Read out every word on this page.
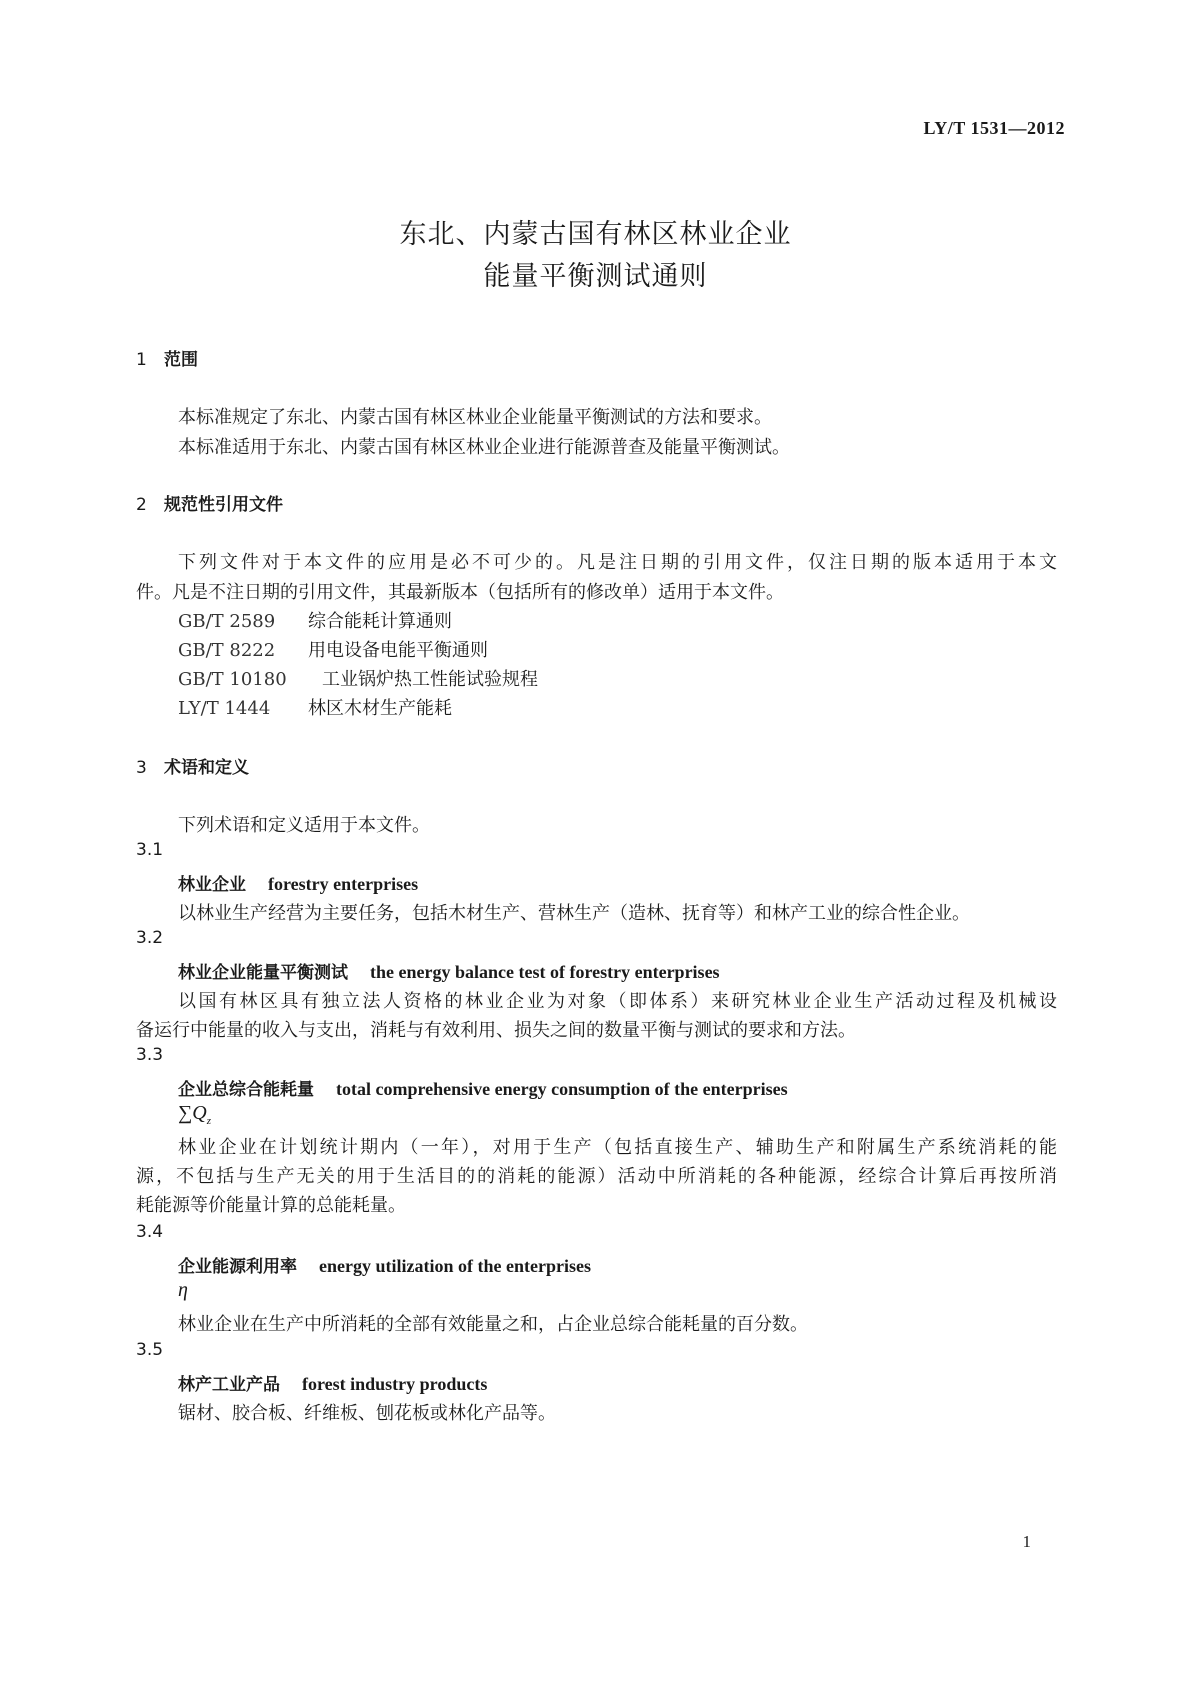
LY/T 1531—2012
东北、内蒙古国有林区林业企业
能量平衡测试通则
1 范围
本标准规定了东北、内蒙古国有林区林业企业能量平衡测试的方法和要求。
本标准适用于东北、内蒙古国有林区林业企业进行能源普查及能量平衡测试。
2 规范性引用文件
下列文件对于本文件的应用是必不可少的。凡是注日期的引用文件，仅注日期的版本适用于本文
件。凡是不注日期的引用文件，其最新版本（包括所有的修改单）适用于本文件。
GB/T 2589 综合能耗计算通则
GB/T 8222 用电设备电能平衡通则
GB/T 10180 工业锅炉热工性能试验规程
LY/T 1444 林区木材生产能耗
3 术语和定义
下列术语和定义适用于本文件。
3.1
林业企业 forestry enterprises
以林业生产经营为主要任务，包括木材生产、营林生产（造林、抚育等）和林产工业的综合性企业。
3.2
林业企业能量平衡测试 the energy balance test of forestry enterprises
以国有林区具有独立法人资格的林业企业为对象（即体系）来研究林业企业生产活动过程及机械设
备运行中能量的收入与支出，消耗与有效利用、损失之间的数量平衡与测试的要求和方法。
3.3
企业总综合能耗量 total comprehensive energy consumption of the enterprises
$\sum Q_z$
林业企业在计划统计期内（一年），对用于生产（包括直接生产、辅助生产和附属生产系统消耗的能
源，不包括与生产无关的用于生活目的的消耗的能源）活动中所消耗的各种能源，经综合计算后再按所消
耗能源等价能量计算的总能耗量。
3.4
企业能源利用率 energy utilization of the enterprises
η
林业企业在生产中所消耗的全部有效能量之和，占企业总综合能耗量的百分数。
3.5
林产工业产品 forest industry products
锯材、胶合板、纤维板、刨花板或林化产品等。
1
